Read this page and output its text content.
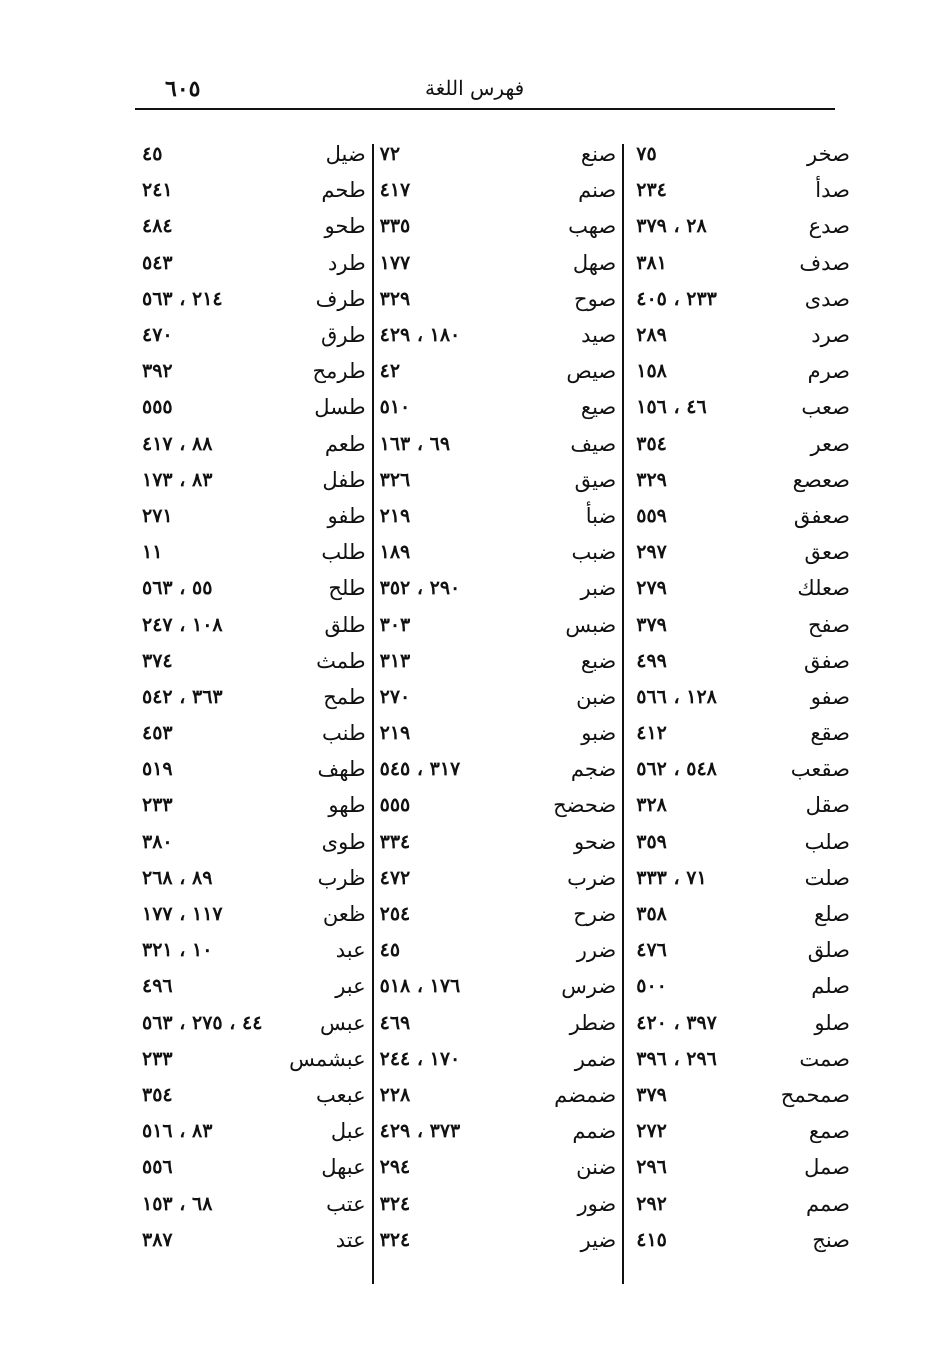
٦٠٥	فهرس اللغة
صخر
٧٥
صدأ
٢٣٤
صدع
٢٨ ، ٣٧٩
صدف
٣٨١
صدى
٢٣٣ ، ٤٠٥
صرد
٢٨٩
صرم
١٥٨
صعب
٤٦ ، ١٥٦
صعر
٣٥٤
صعصع
٣٢٩
صعفق
٥٥٩
صعق
٢٩٧
صعلك
٢٧٩
صفح
٣٧٩
صفق
٤٩٩
صفو
١٢٨ ، ٥٦٦
صقع
٤١٢
صقعب
٥٤٨ ، ٥٦٢
صقل
٣٢٨
صلب
٣٥٩
صلت
٧١ ، ٣٣٣
صلع
٣٥٨
صلق
٤٧٦
صلم
٥٠٠
صلو
٣٩٧ ، ٤٢٠
صمت
٢٩٦ ، ٣٩٦
صمحمح
٣٧٩
صمع
٢٧٢
صمل
٢٩٦
صمم
٢٩٢
صنج
٤١٥
صنع
٧٢
صنم
٤١٧
صهب
٣٣٥
صهل
١٧٧
صوح
٣٢٩
صيد
١٨٠ ، ٤٢٩
صيص
٤٢
صيع
٥١٠
صيف
٦٩ ، ١٦٣
صيق
٣٢٦
ضبأ
٢١٩
ضبب
١٨٩
ضبر
٢٩٠ ، ٣٥٢
ضبس
٣٠٣
ضبع
٣١٣
ضبن
٢٧٠
ضبو
٢١٩
ضجم
٣١٧ ، ٥٤٥
ضحضح
٥٥٥
ضحو
٣٣٤
ضرب
٤٧٢
ضرح
٢٥٤
ضرر
٤٥
ضرس
١٧٦ ، ٥١٨
ضطر
٤٦٩
ضمر
١٧٠ ، ٢٤٤
ضمضم
٢٢٨
ضمم
٣٧٣ ، ٤٢٩
ضنن
٢٩٤
ضور
٣٢٤
ضير
٣٢٤
ضيل
٤٥
طحم
٢٤١
طحو
٤٨٤
طرد
٥٤٣
طرف
٢١٤ ، ٥٦٣
طرق
٤٧٠
طرمح
٣٩٢
طسل
٥٥٥
طعم
٨٨ ، ٤١٧
طفل
٨٣ ، ١٧٣
طفو
٢٧١
طلب
١١
طلح
٥٥ ، ٥٦٣
طلق
١٠٨ ، ٢٤٧
طمث
٣٧٤
طمح
٣٦٣ ، ٥٤٢
طنب
٤٥٣
طهف
٥١٩
طهو
٢٣٣
طوى
٣٨٠
ظرب
٨٩ ، ٢٦٨
ظعن
١١٧ ، ١٧٧
عبد
١٠ ، ٣٢١
عبر
٤٩٦
عبس
٤٤ ، ٢٧٥ ، ٥٦٣
عبشمس
٢٣٣
عبعب
٣٥٤
عبل
٨٣ ، ٥١٦
عبهل
٥٥٦
عتب
٦٨ ، ١٥٣
عتد
٣٨٧
